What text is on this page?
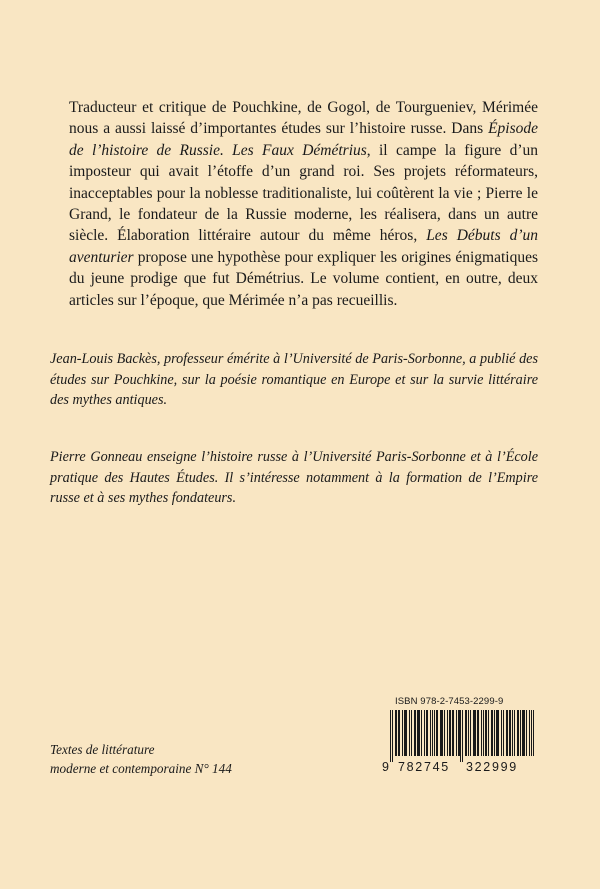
Traducteur et critique de Pouchkine, de Gogol, de Tourgueniev, Mérimée nous a aussi laissé d’importantes études sur l’histoire russe. Dans Épisode de l’histoire de Russie. Les Faux Démétrius, il campe la figure d’un imposteur qui avait l’étoffe d’un grand roi. Ses projets réformateurs, inacceptables pour la noblesse traditionaliste, lui coûtèrent la vie ; Pierre le Grand, le fondateur de la Russie moderne, les réalisera, dans un autre siècle. Élaboration littéraire autour du même héros, Les Débuts d’un aventurier propose une hypothèse pour expliquer les origines énigmatiques du jeune prodige que fut Démétrius. Le volume contient, en outre, deux articles sur l’époque, que Mérimée n’a pas recueillis.

Jean-Louis Backès, professeur émérite à l’Université de Paris-Sorbonne, a publié des études sur Pouchkine, sur la poésie romantique en Europe et sur la survie littéraire des mythes antiques.

Pierre Gonneau enseigne l’histoire russe à l’Université Paris-Sorbonne et à l’École pratique des Hautes Études. Il s’intéresse notamment à la formation de l’Empire russe et à ses mythes fondateurs.

Textes de littérature
moderne et contemporaine N° 144
ISBN 978-2-7453-2299-9
9 782745 322999
